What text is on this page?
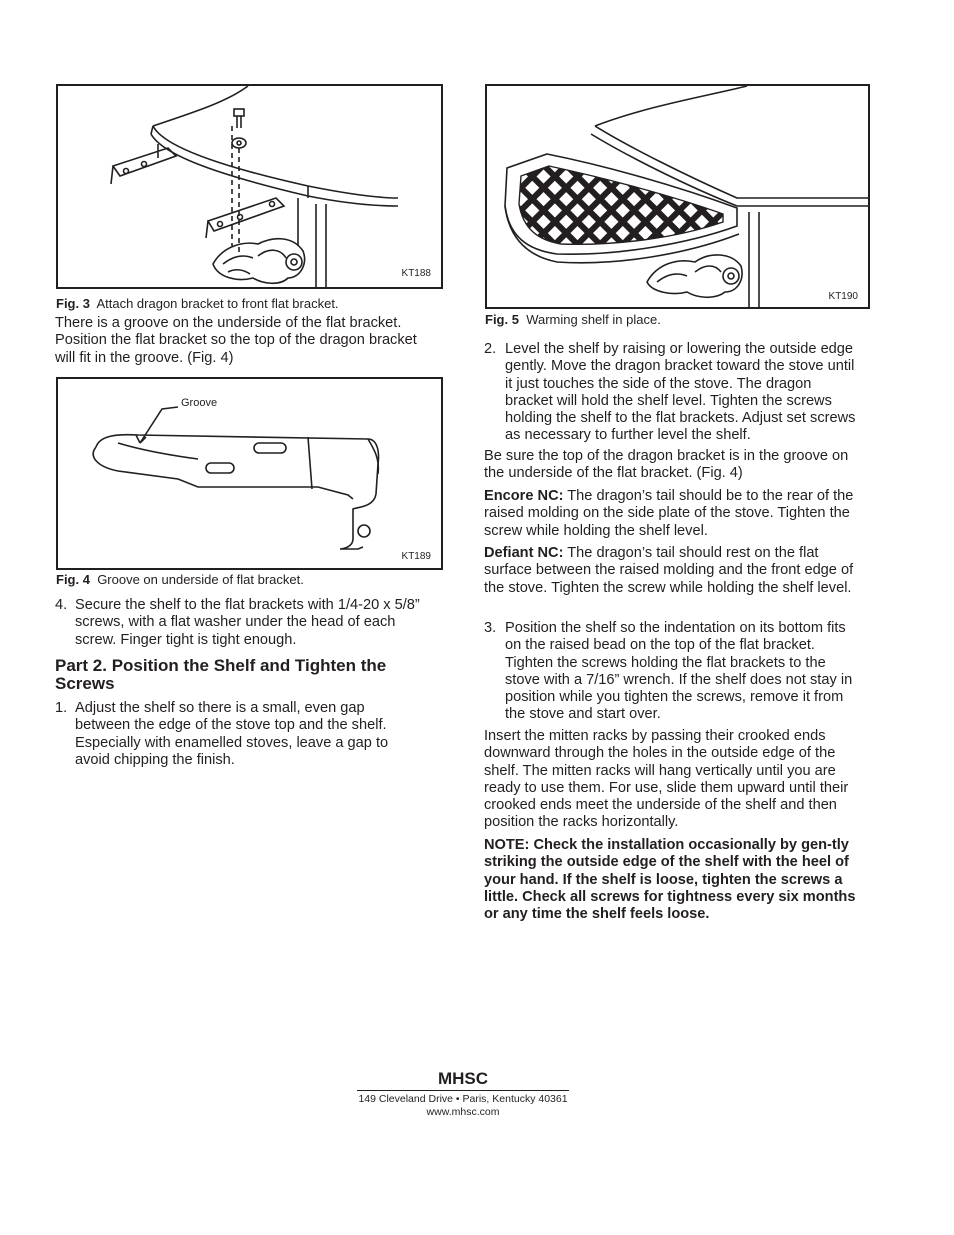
KT188
Fig. 3 Attach dragon bracket to front flat bracket.

There is a groove on the underside of the flat bracket. Position the flat bracket so the top of the dragon bracket will fit in the groove. (Fig. 4)

Groove
KT189
Fig. 4 Groove on underside of flat bracket.
4. Secure the shelf to the flat brackets with 1/4-20 x 5/8” screws, with a flat washer under the head of each screw. Finger tight is tight enough.

Part 2. Position the Shelf and Tighten the Screws
1. Adjust the shelf so there is a small, even gap between the edge of the stove top and the shelf. Especially with enamelled stoves, leave a gap to avoid chipping the finish.

KT190
Fig. 5 Warming shelf in place.
2. Level the shelf by raising or lowering the outside edge gently. Move the dragon bracket toward the stove until it just touches the side of the stove. The dragon bracket will hold the shelf level. Tighten the screws holding the shelf to the flat brackets. Adjust set screws as necessary to further level the shelf.

Be sure the top of the dragon bracket is in the groove on the underside of the flat bracket. (Fig. 4)

Encore NC: The dragon’s tail should be to the rear of the raised molding on the side plate of the stove. Tighten the screw while holding the shelf level.

Defiant NC: The dragon’s tail should rest on the flat surface between the raised molding and the front edge of the stove. Tighten the screw while holding the shelf level.

3. Position the shelf so the indentation on its bottom fits on the raised bead on the top of the flat bracket. Tighten the screws holding the flat brackets to the stove with a 7/16” wrench. If the shelf does not stay in position while you tighten the screws, remove it from the stove and start over.

Insert the mitten racks by passing their crooked ends downward through the holes in the outside edge of the shelf. The mitten racks will hang vertically until you are ready to use them. For use, slide them upward until their crooked ends meet the underside of the shelf and then position the racks horizontally.

NOTE: Check the installation occasionally by gen-tly striking the outside edge of the shelf with the heel of your hand. If the shelf is loose, tighten the screws a little. Check all screws for tightness every six months or any time the shelf feels loose.

MHSC
149 Cleveland Drive • Paris, Kentucky 40361
www.mhsc.com
